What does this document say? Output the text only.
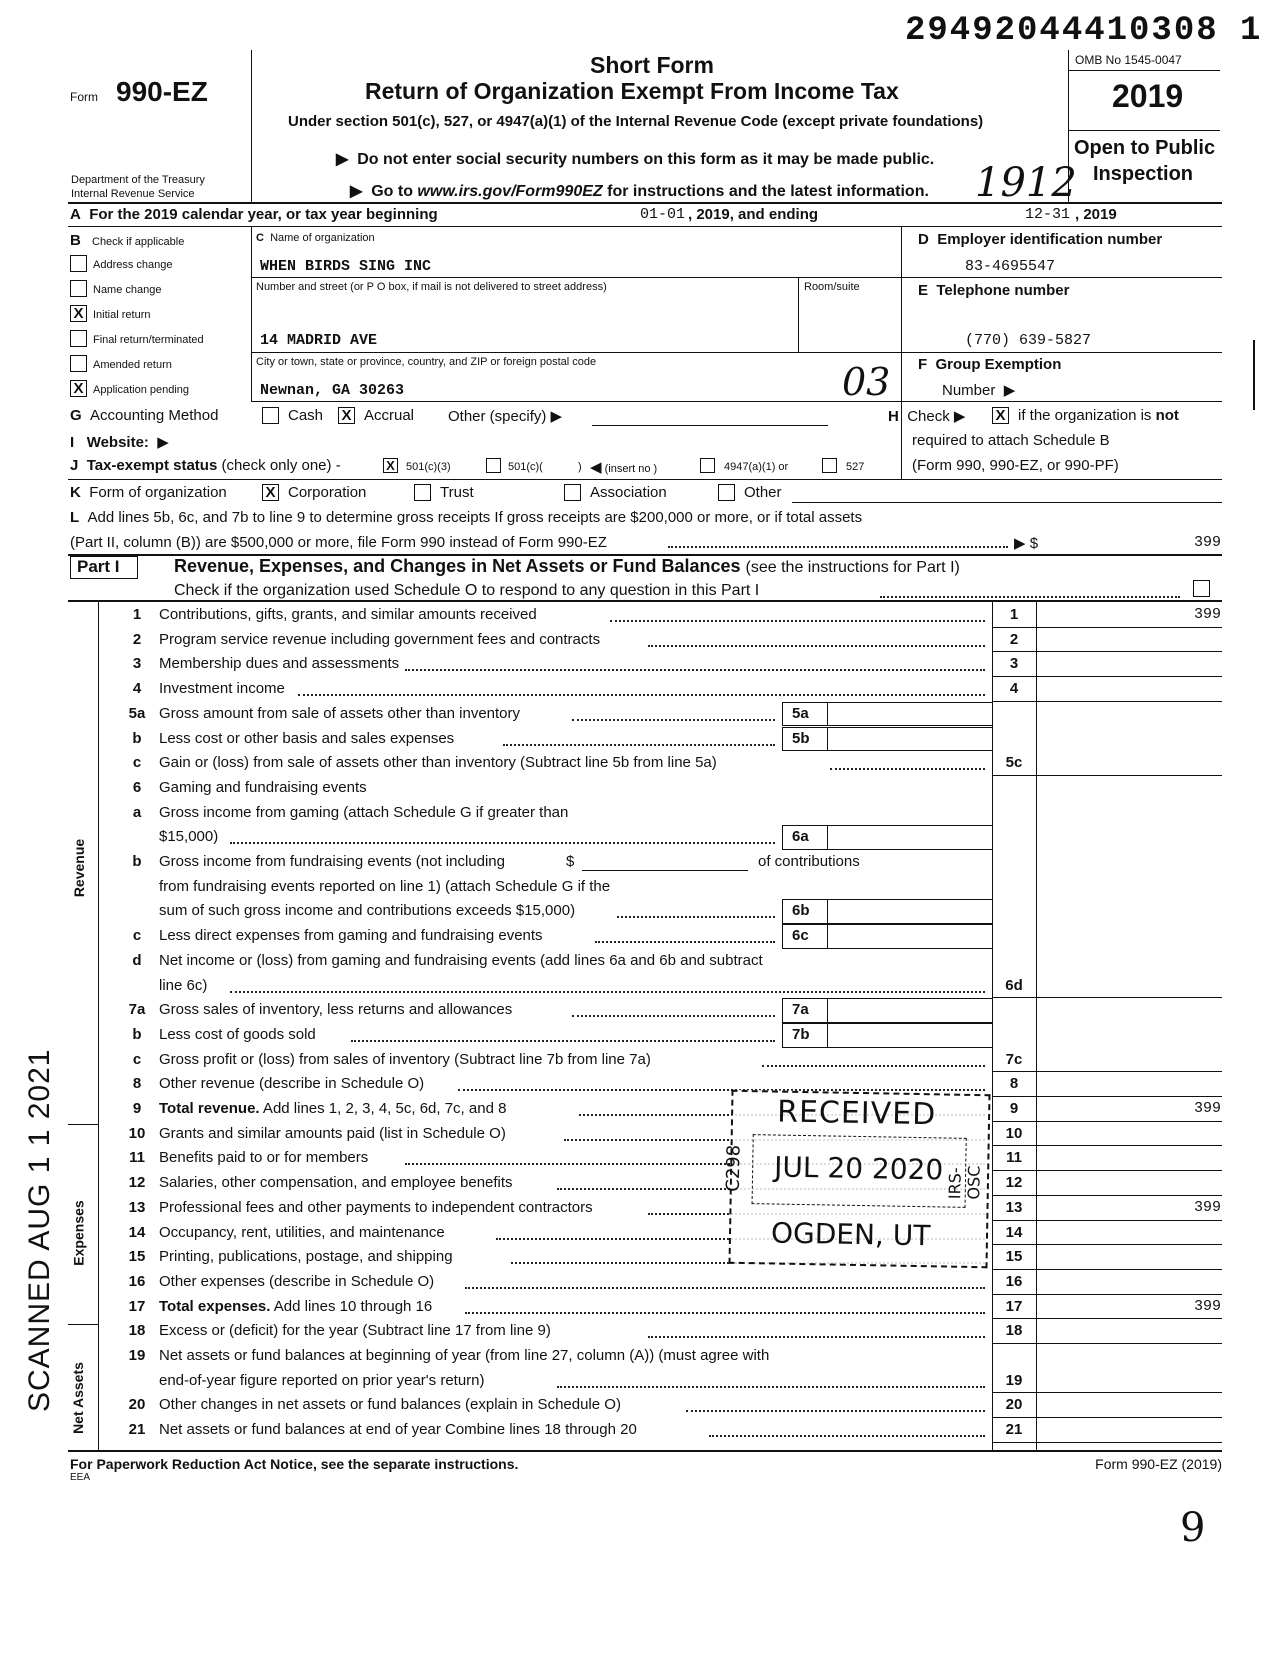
29492044410308 1
1912
03
9
SCANNED AUG 1 1 2021
Form 990-EZ
Department of the Treasury
Internal Revenue Service
Short Form
Return of Organization Exempt From Income Tax
Under section 501(c), 527, or 4947(a)(1) of the Internal Revenue Code (except private foundations)
▶  Do not enter social security numbers on this form as it may be made public.
▶  Go to www.irs.gov/Form990EZ for instructions and the latest information.
OMB No 1545-0047
2019
Open to Public
Inspection
A For the 2019 calendar year, or tax year beginning	01-01 , 2019, and ending	12-31 , 2019
B Check if applicable
Address change
Name change
X Initial return
Final return/terminated
Amended return
X Application pending
C Name of organization
WHEN BIRDS SING INC
Number and street (or P O box, if mail is not delivered to street address)	Room/suite
14 MADRID AVE
City or town, state or province, country, and ZIP or foreign postal code
Newnan, GA 30263
D Employer identification number
83-4695547
E Telephone number
(770) 639-5827
F Group Exemption
Number  ▶
G Accounting Method	Cash X Accrual Other (specify) ▶	H Check ▶ X if the organization is not
required to attach Schedule B
(Form 990, 990-EZ, or 990-PF)
I Website:  ▶
J Tax-exempt status (check only one) -	X 501(c)(3)	501(c)(	) ◀ (insert no )	4947(a)(1) or	527
K Form of organization	X Corporation	Trust	Association	Other
L Add lines 5b, 6c, and 7b to line 9 to determine gross receipts If gross receipts are $200,000 or more, or if total assets
(Part II, column (B)) are $500,000 or more, file Form 990 instead of Form 990-EZ	▶ $	399
Part I	Revenue, Expenses, and Changes in Net Assets or Fund Balances (see the instructions for Part I)
Check if the organization used Schedule O to respond to any question in this Part I
Revenue
Expenses
Net Assets
1	Contributions, gifts, grants, and similar amounts received	1	399
2	Program service revenue including government fees and contracts	2
3	Membership dues and assessments	3
4	Investment income	4
5a Gross amount from sale of assets other than inventory	5a
b	Less cost or other basis and sales expenses	5b
c	Gain or (loss) from sale of assets other than inventory (Subtract line 5b from line 5a)	5c
6	Gaming and fundraising events
a	Gross income from gaming (attach Schedule G if greater than
$15,000)	6a
b	Gross income from fundraising events (not including	$	of contributions
from fundraising events reported on line 1) (attach Schedule G if the
sum of such gross income and contributions exceeds $15,000)	6b
c	Less direct expenses from gaming and fundraising events	6c
d	Net income or (loss) from gaming and fundraising events (add lines 6a and 6b and subtract
line 6c)	6d
7a Gross sales of inventory, less returns and allowances	7a
b	Less cost of goods sold	7b
c	Gross profit or (loss) from sales of inventory (Subtract line 7b from line 7a)	7c
8	Other revenue (describe in Schedule O)	8
9	Total revenue. Add lines 1, 2, 3, 4, 5c, 6d, 7c, and 8	9	399
10 Grants and similar amounts paid (list in Schedule O)	10
11 Benefits paid to or for members	11
12 Salaries, other compensation, and employee benefits	12
13 Professional fees and other payments to independent contractors	13	399
14 Occupancy, rent, utilities, and maintenance	14
15 Printing, publications, postage, and shipping	15
16 Other expenses (describe in Schedule O)	16
17 Total expenses. Add lines 10 through 16	17	399
18 Excess or (deficit) for the year (Subtract line 17 from line 9)	18
19 Net assets or fund balances at beginning of year (from line 27, column (A)) (must agree with
end-of-year figure reported on prior year's return)	19
20 Other changes in net assets or fund balances (explain in Schedule O)	20
21 Net assets or fund balances at end of year Combine lines 18 through 20	21
RECEIVED
JUL 20 2020
OGDEN, UT
C298	IRS-OSC
For Paperwork Reduction Act Notice, see the separate instructions.
EEA
Form 990-EZ (2019)
